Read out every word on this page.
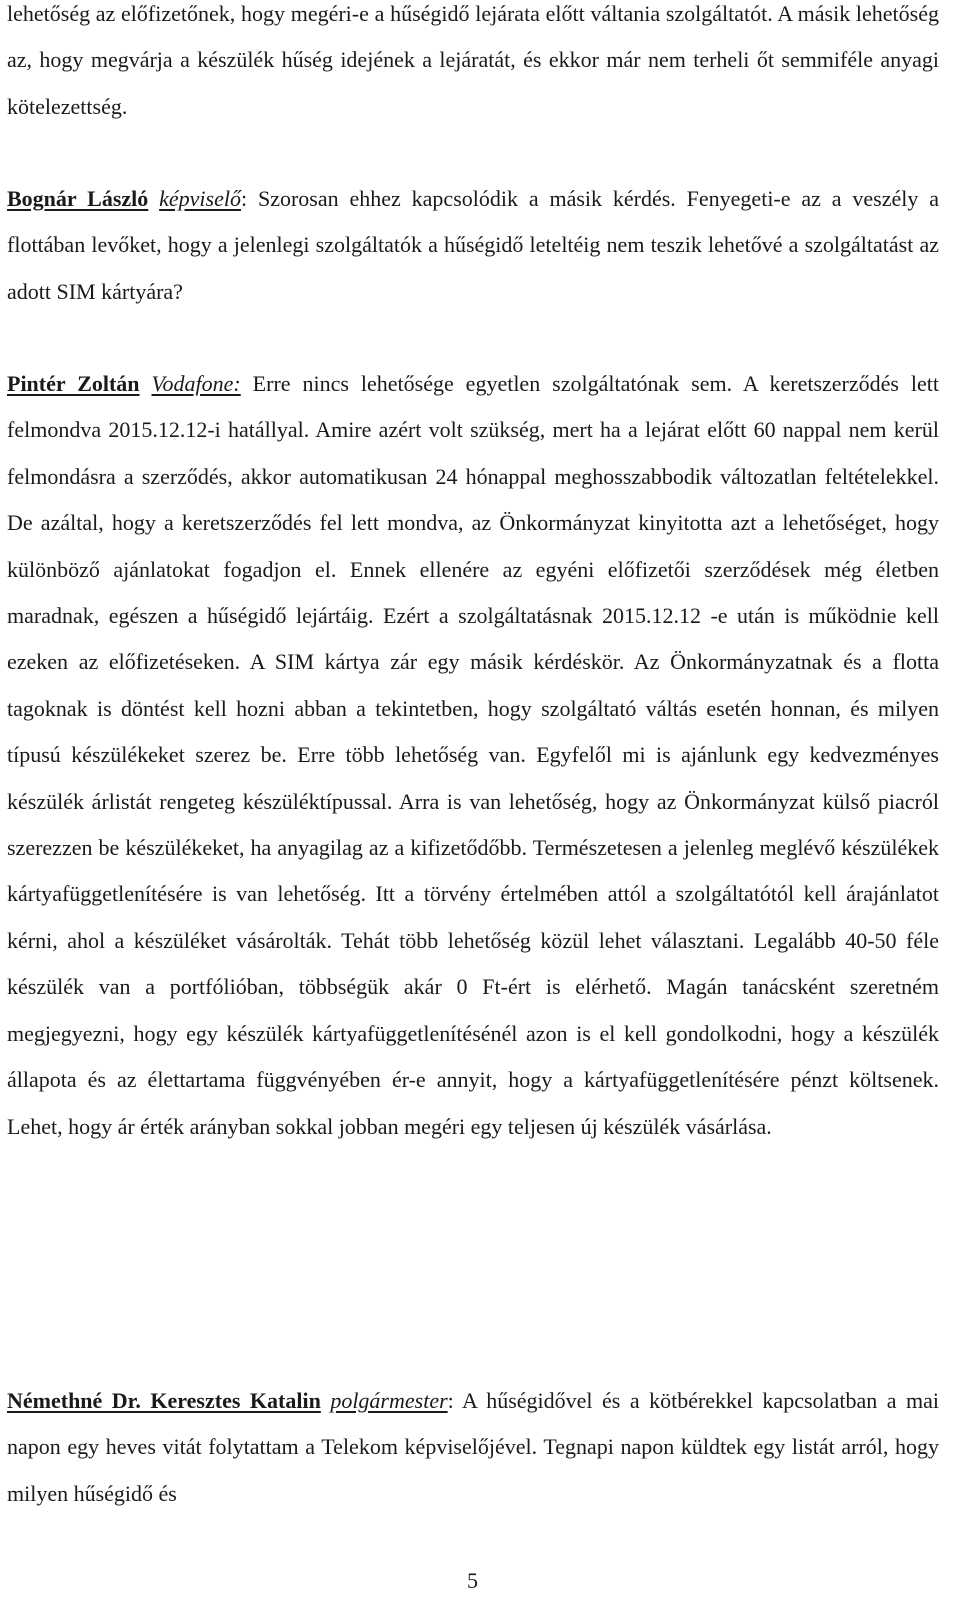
lehetőség az előfizetőnek, hogy megéri-e a hűségidő lejárata előtt váltania szolgáltatót. A másik lehetőség az, hogy megvárja a készülék hűség idejének a lejáratát, és ekkor már nem terheli őt semmiféle anyagi kötelezettség.

Bognár László képviselő: Szorosan ehhez kapcsolódik a másik kérdés. Fenyegeti-e az a veszély a flottában levőket, hogy a jelenlegi szolgáltatók a hűségidő leteltéig nem teszik lehetővé a szolgáltatást az adott SIM kártyára?

Pintér Zoltán Vodafone: Erre nincs lehetősége egyetlen szolgáltatónak sem. A keretszerződés lett felmondva 2015.12.12-i hatállyal. Amire azért volt szükség, mert ha a lejárat előtt 60 nappal nem kerül felmondásra a szerződés, akkor automatikusan 24 hónappal meghosszabbodik változatlan feltételekkel. De azáltal, hogy a keretszerződés fel lett mondva, az Önkormányzat kinyitotta azt a lehetőséget, hogy különböző ajánlatokat fogadjon el. Ennek ellenére az egyéni előfizetői szerződések még életben maradnak, egészen a hűségidő lejártáig. Ezért a szolgáltatásnak 2015.12.12 -e után is működnie kell ezeken az előfizetéseken. A SIM kártya zár egy másik kérdéskör. Az Önkormányzatnak és a flotta tagoknak is döntést kell hozni abban a tekintetben, hogy szolgáltató váltás esetén honnan, és milyen típusú készülékeket szerez be. Erre több lehetőség van. Egyfelől mi is ajánlunk egy kedvezményes készülék árlistát rengeteg készüléktípussal. Arra is van lehetőség, hogy az Önkormányzat külső piacról szerezzen be készülékeket, ha anyagilag az a kifizetődőbb. Természetesen a jelenleg meglévő készülékek kártyafüggetlenítésére is van lehetőség. Itt a törvény értelmében attól a szolgáltatótól kell árajánlatot kérni, ahol a készüléket vásárolták. Tehát több lehetőség közül lehet választani. Legalább 40-50 féle készülék van a portfólióban, többségük akár 0 Ft-ért is elérhető. Magán tanácsként szeretném megjegyezni, hogy egy készülék kártyafüggetlenítésénél azon is el kell gondolkodni, hogy a készülék állapota és az élettartama függvényében ér-e annyit, hogy a kártyafüggetlenítésére pénzt költsenek. Lehet, hogy ár érték arányban sokkal jobban megéri egy teljesen új készülék vásárlása.

Némethné Dr. Keresztes Katalin polgármester: A hűségidővel és a kötbérekkel kapcsolatban a mai napon egy heves vitát folytattam a Telekom képviselőjével. Tegnapi napon küldtek egy listát arról, hogy milyen hűségidő és

5
